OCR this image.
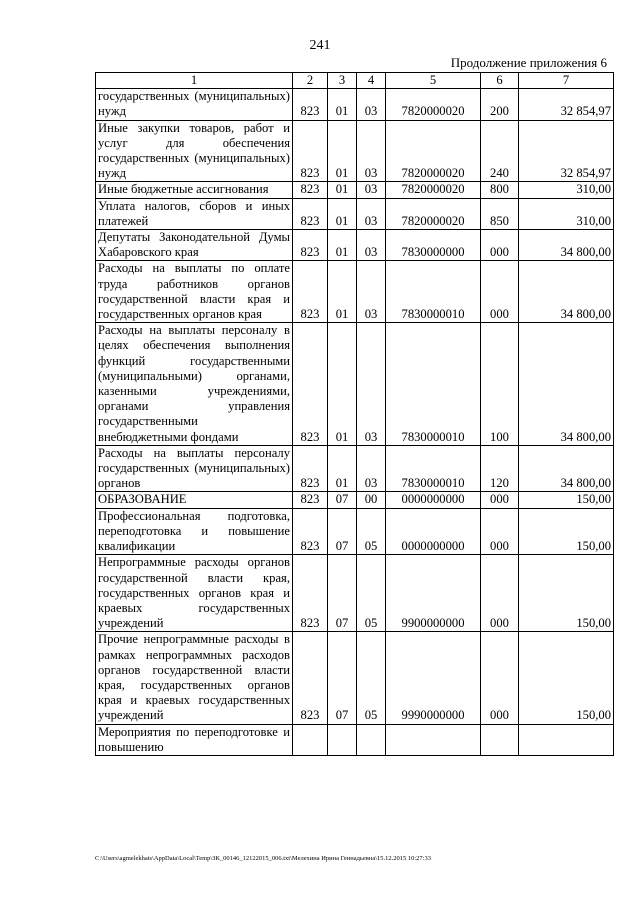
241
Продолжение приложения 6
1	2	3	4	5	6	7
государственных (муниципальных) нужд	823	01	03	7820000020	200	32 854,97
Иные закупки товаров, работ и услуг для обеспечения государственных (муниципальных) нужд	823	01	03	7820000020	240	32 854,97
Иные бюджетные ассигнования	823	01	03	7820000020	800	310,00
Уплата налогов, сборов и иных платежей	823	01	03	7820000020	850	310,00
Депутаты Законодательной Думы Хабаровского края	823	01	03	7830000000	000	34 800,00
Расходы на выплаты по оплате труда работников органов государственной власти края и государственных органов края	823	01	03	7830000010	000	34 800,00
Расходы на выплаты персоналу в целях обеспечения выполнения функций государственными (муниципальными) органами, казенными учреждениями, органами управления государственными внебюджетными фондами	823	01	03	7830000010	100	34 800,00
Расходы на выплаты персоналу государственных (муниципальных) органов	823	01	03	7830000010	120	34 800,00
ОБРАЗОВАНИЕ	823	07	00	0000000000	000	150,00
Профессиональная подготовка, переподготовка и повышение квалификации	823	07	05	0000000000	000	150,00
Непрограммные расходы органов государственной власти края, государственных органов края и краевых государственных учреждений	823	07	05	9900000000	000	150,00
Прочие непрограммные расходы в рамках непрограммных расходов органов государственной власти края, государственных органов края и краевых государственных учреждений	823	07	05	9990000000	000	150,00
Мероприятия по переподготовке и повышению						
C:\Users\agmelekhats\AppData\Local\Temp\ЗК_00146_12122015_006.txt\Мелехина Ирина Геннадьевна\15.12.2015 10:27:33
